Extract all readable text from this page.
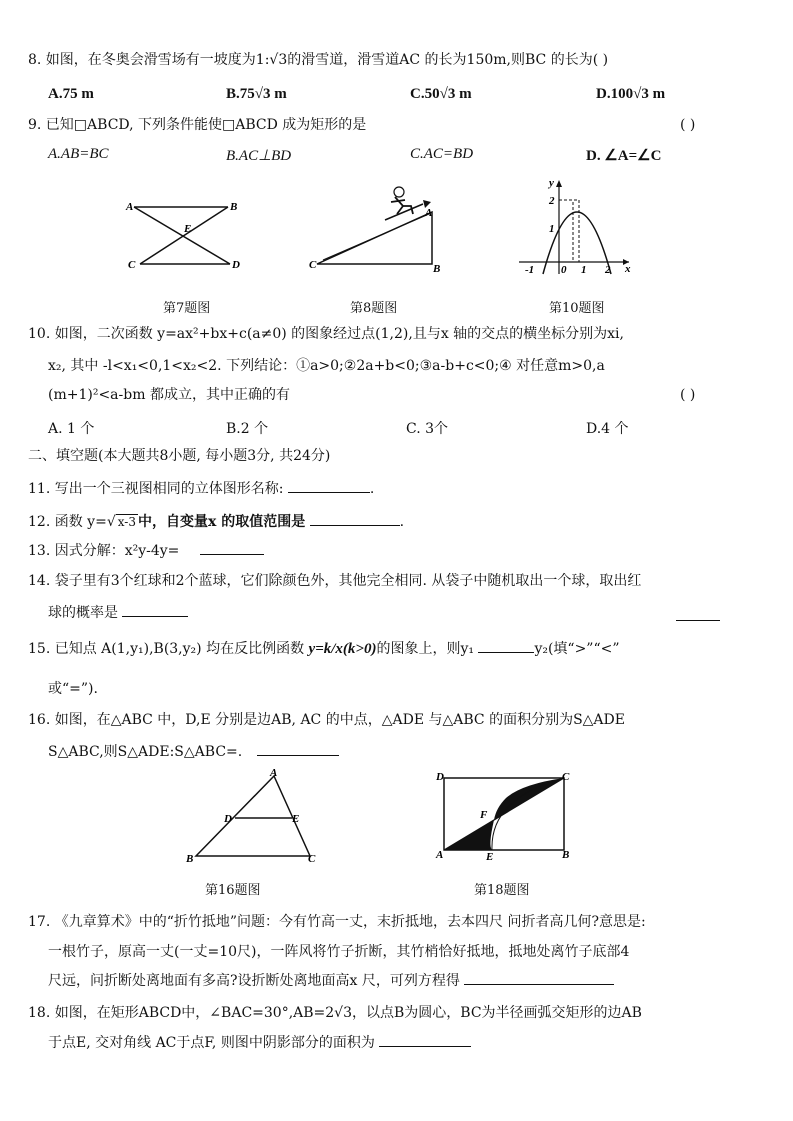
8. 如图，在冬奥会滑雪场有一坡度为1:√3的滑雪道，滑雪道AC 的长为150m,则BC 的长为( )
A.75 m	B.75√3 m	C.50√3 m	D.100√3 m
9. 已知□ABCD, 下列条件能使□ABCD 成为矩形的是	( )
A.AB=BC	B.AC⊥BD	C.AC=BD	D. ∠A=∠C
A	B
E
C	D
A
C	B
y
2
1
-1 0 1 2 x
第7题图	第8题图	第10题图
10. 如图，二次函数 y=ax²+bx+c(a≠0) 的图象经过点(1,2),且与x 轴的交点的横坐标分别为xi,
x₂, 其中 -l<x₁<0,1<x₂<2. 下列结论：①a>0;②2a+b<0;③a-b+c<0;④ 对任意m>0,a
(m+1)²<a-bm 都成立，其中正确的有	( )
A. 1 个	B.2 个	C. 3个	D.4 个
二、填空题(本大题共8小题, 每小题3分, 共24分)
11. 写出一个三视图相同的立体图形名称:	.
12. 函数 y=√ x-3 中，自变量x 的取值范围是	.
13. 因式分解：x²y-4y=
14. 袋子里有3个红球和2个蓝球，它们除颜色外，其他完全相同. 从袋子中随机取出一个球，取出红
球的概率是
15. 已知点 A(1,y₁),B(3,y₂) 均在反比例函数 y=k/x(k>0)的图象上，则y₁	y₂(填“>”“<”
或“=”).
16. 如图，在△ABC 中，D,E 分别是边AB, AC 的中点，△ADE 与△ABC 的面积分别为S△ADE
S△ABC,则S△ADE:S△ABC=.
A
D	E
B	C
D	C
F
A	E	B
第16题图	第18题图
17. 《九章算术》中的“折竹抵地”问题：今有竹高一丈，末折抵地，去本四尺 问折者高几何?意思是:
一根竹子，原高一丈(一丈=10尺)，一阵风将竹子折断，其竹梢恰好抵地，抵地处离竹子底部4
尺远，问折断处离地面有多高?设折断处离地面高x 尺，可列方程得
18. 如图，在矩形ABCD中，∠BAC=30°,AB=2√3，以点B为圆心，BC为半径画弧交矩形的边AB
于点E, 交对角线 AC于点F, 则图中阴影部分的面积为
